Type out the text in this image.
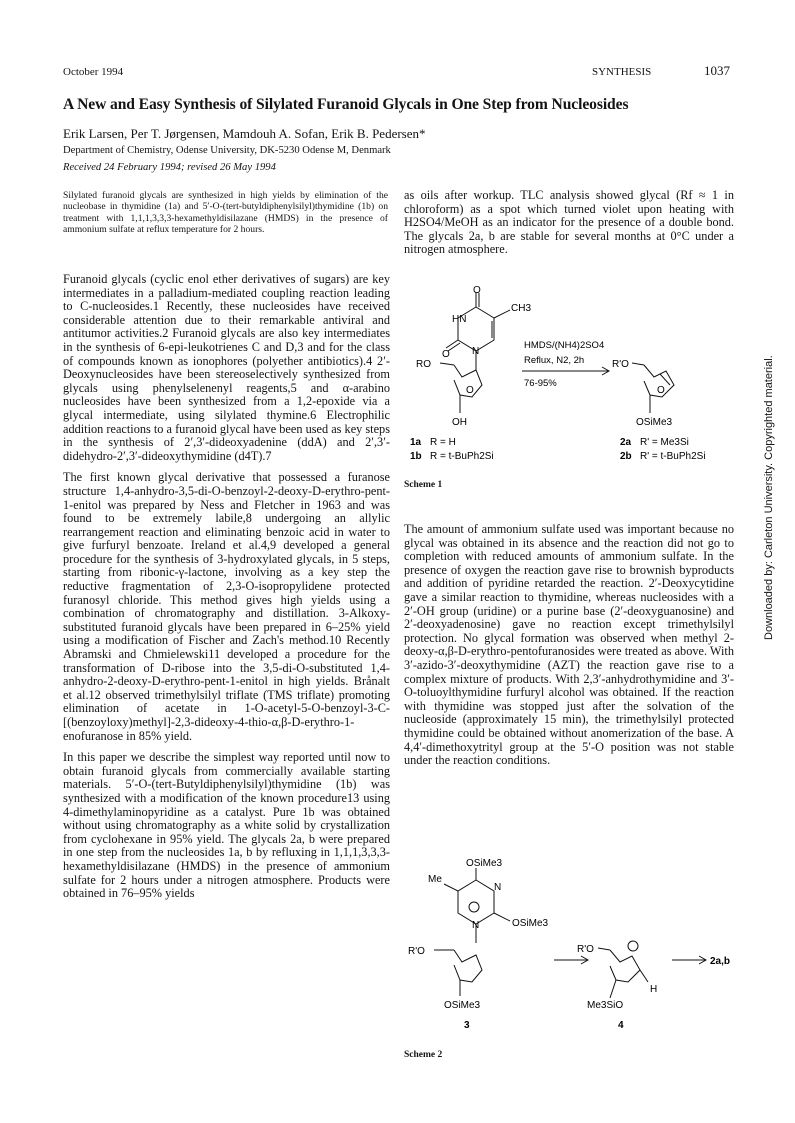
October 1994	SYNTHESIS	1037
A New and Easy Synthesis of Silylated Furanoid Glycals in One Step from Nucleosides
Erik Larsen, Per T. Jørgensen, Mamdouh A. Sofan, Erik B. Pedersen*
Department of Chemistry, Odense University, DK-5230 Odense M, Denmark
Received 24 February 1994; revised 26 May 1994
Silylated furanoid glycals are synthesized in high yields by elimination of the nucleobase in thymidine (1a) and 5′-O-(tert-butyldiphenylsilyl)thymidine (1b) on treatment with 1,1,1,3,3,3-hexamethyldisilazane (HMDS) in the presence of ammonium sulfate at reflux temperature for 2 hours.

Furanoid glycals (cyclic enol ether derivatives of sugars) are key intermediates in a palladium-mediated coupling reaction leading to C-nucleosides.1 Recently, these nucleosides have received considerable attention due to their remarkable antiviral and antitumor activities.2 Furanoid glycals are also key intermediates in the synthesis of 6-epi-leukotrienes C and D,3 and for the class of compounds known as ionophores (polyether antibiotics).4 2′-Deoxynucleosides have been stereoselectively synthesized from glycals using phenylselenenyl reagents,5 and α-arabino nucleosides have been synthesized from a 1,2-epoxide via a glycal intermediate, using silylated thymine.6 Electrophilic addition reactions to a furanoid glycal have been used as key steps in the synthesis of 2′,3′-dideoxyadenine (ddA) and 2′,3′-didehydro-2′,3′-dideoxythymidine (d4T).7

The first known glycal derivative that possessed a furanose structure 1,4-anhydro-3,5-di-O-benzoyl-2-deoxy-D-erythro-pent-1-enitol was prepared by Ness and Fletcher in 1963 and was found to be extremely labile,8 undergoing an allylic rearrangement reaction and eliminating benzoic acid in water to give furfuryl benzoate. Ireland et al.4,9 developed a general procedure for the synthesis of 3-hydroxylated glycals, in 5 steps, starting from ribonic-γ-lactone, involving as a key step the reductive fragmentation of 2,3-O-isopropylidene protected furanosyl chloride. This method gives high yields using a combination of chromatography and distillation. 3-Alkoxy-substituted furanoid glycals have been prepared in 6–25% yield using a modification of Fischer and Zach's method.10 Recently Abramski and Chmielewski11 developed a procedure for the transformation of D-ribose into the 3,5-di-O-substituted 1,4-anhydro-2-deoxy-D-erythro-pent-1-enitol in high yields. Brånalt et al.12 observed trimethylsilyl triflate (TMS triflate) promoting elimination of acetate in 1-O-acetyl-5-O-benzoyl-3-C-[(benzoyloxy)methyl]-2,3-dideoxy-4-thio-α,β-D-erythro-1-enofuranose in 85% yield.

In this paper we describe the simplest way reported until now to obtain furanoid glycals from commercially available starting materials. 5′-O-(tert-Butyldiphenylsilyl)thymidine (1b) was synthesized with a modification of the known procedure13 using 4-dimethylaminopyridine as a catalyst. Pure 1b was obtained without using chromatography as a white solid by crystallization from cyclohexane in 95% yield. The glycals 2a, b were prepared in one step from the nucleosides 1a, b by refluxing in 1,1,1,3,3,3-hexamethyldisilazane (HMDS) in the presence of ammonium sulfate for 2 hours under a nitrogen atmosphere. Products were obtained in 76–95% yields

as oils after workup. TLC analysis showed glycal (Rf ≈ 1 in chloroform) as a spot which turned violet upon heating with H2SO4/MeOH as an indicator for the presence of a double bond. The glycals 2a, b are stable for several months at 0°C under a nitrogen atmosphere.

O
HN
CH3
O N
RO
O
OH
HMDS/(NH4)2SO4
Reflux, N2, 2h
76-95%
R'O
O
OSiMe3
1a R = H
1b R = t-BuPh2Si
2a R' = Me3Si
2b R' = t-BuPh2Si
Scheme 1

The amount of ammonium sulfate used was important because no glycal was obtained in its absence and the reaction did not go to completion with reduced amounts of ammonium sulfate. In the presence of oxygen the reaction gave rise to brownish byproducts and addition of pyridine retarded the reaction. 2′-Deoxycytidine gave a similar reaction to thymidine, whereas nucleosides with a 2′-OH group (uridine) or a purine base (2′-deoxyguanosine) and 2′-deoxyadenosine) gave no reaction except trimethylsilyl protection. No glycal formation was observed when methyl 2-deoxy-α,β-D-erythro-pentofuranosides were treated as above. With 3′-azido-3′-deoxythymidine (AZT) the reaction gave rise to a complex mixture of products. With 2,3′-anhydrothymidine and 3′-O-toluoylthymidine furfuryl alcohol was obtained. If the reaction with thymidine was stopped just after the solvation of the nucleoside (approximately 15 min), the trimethylsilyl protected thymidine could be obtained without anomerization of the base. A 4,4′-dimethoxytrityl group at the 5′-O position was not stable under the reaction conditions.

OSiMe3
Me
N
N	OSiMe3
R'O
OSiMe3
R'O
H
Me3SiO
2a,b
3	4
Scheme 2
Downloaded by: Carleton University. Copyrighted material.
